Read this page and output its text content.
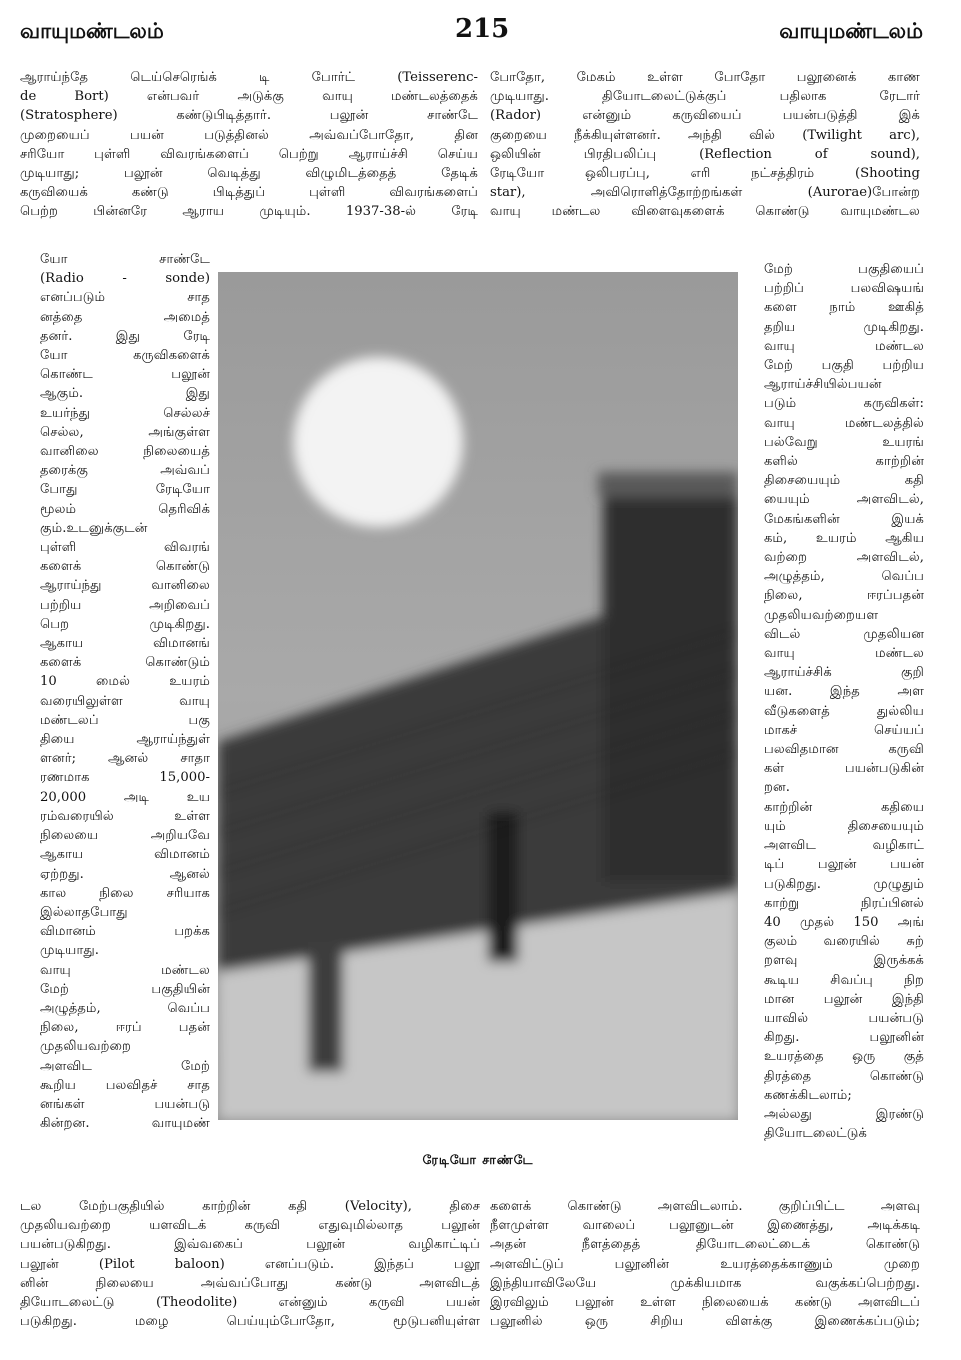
வாயுமண்டலம்	215	வாயுமண்டலம்

ஆராய்ந்தே டெய்செரெங்க் டி போர்ட் (Teisserenc-

de Bort) என்பவர் அடுக்கு வாயு மண்டலத்தைக்

(Stratosphere) கண்டுபிடித்தார். பலூன் சாண்டே

முறையைப் பயன் படுத்தினல் அவ்வப்போதோ, தின

சரியோ புள்ளி விவரங்களைப் பெற்று ஆராய்ச்சி செய்ய

முடியாது; பலூன் வெடித்து விழுமிடத்தைத் தேடிக்

கருவியைக் கண்டு பிடித்துப் புள்ளி விவரங்களைப்

பெற்ற பின்னரே ஆராய முடியும். 1937-38-ல் ரேடி

போதோ, மேகம் உள்ள போதோ பலூனைக் காண

முடியாது. தியோடலைட்டுக்குப் பதிலாக ரேடார்

(Rador) என்னும் கருவியைப் பயன்படுத்தி இக்

குறையை நீக்கியுள்ளனர். அந்தி வில் (Twilight arc),

ஒலியின் பிரதிபலிப்பு (Reflection of sound),

ரேடியோ ஒலிபரப்பு, எரி நட்சத்திரம் (Shooting

star), அவிரொளித்தோற்றங்கள் (Aurorae)போன்ற

வாயு மண்டல விளைவுகளைக் கொண்டு வாயுமண்டல

யோ சாண்டே

(Radio - sonde)

எனப்படும் சாத

னத்தை அமைத்

தனர். இது ரேடி

யோ கருவிகளைக்

கொண்ட பலூன்

ஆகும். இது

உயர்ந்து செல்லச்

செல்ல, அங்குள்ள

வானிலை நிலையைத்

தரைக்கு அவ்வப்

போது ரேடியோ

மூலம் தெரிவிக்

கும்.உடனுக்குடன்

புள்ளி விவரங்

களைக் கொண்டு

ஆராய்ந்து வானிலை

பற்றிய அறிவைப்

பெற முடிகிறது.

ஆகாய விமானங்

களைக் கொண்டும்

10 மைல் உயரம்

வரையிலுள்ள வாயு

மண்டலப் பகு

தியை ஆராய்ந்துள்

ளனர்; ஆனல் சாதா

ரணமாக 15,000-

20,000 அடி உய

ரம்வரையில் உள்ள

நிலையை அறியவே

ஆகாய விமானம்

ஏற்றது. ஆனல்

கால நிலை சரியாக

இல்லாதபோது

விமானம் பறக்க

முடியாது.

வாயு மண்டல

மேற் பகுதியின்

அழுத்தம், வெப்ப

நிலை, ஈரப் பதன்

முதலியவற்றை

அளவிட மேற்

கூறிய பலவிதச் சாத

னங்கள் பயன்படு

கின்றன. வாயுமண்

மேற் பகுதியைப்

பற்றிப் பலவிஷயங்

களை நாம் ஊகித்

தறிய முடிகிறது.

வாயு மண்டல

மேற் பகுதி பற்றிய

ஆராய்ச்சியில்பயன்

படும் கருவிகள்:

வாயு மண்டலத்தில்

பல்வேறு உயரங்

களில் காற்றின்

திசையையும் கதி

யையும் அளவிடல்,

மேகங்களின் இயக்

கம், உயரம் ஆகிய

வற்றை அளவிடல்,

அழுத்தம், வெப்ப

நிலை, ஈரப்பதன்

முதலியவற்றையள

விடல் முதலியன

வாயு மண்டல

ஆராய்ச்சிக் குறி

யன. இந்த அள

வீடுகளைத் துல்லிய

மாகச் செய்யப்

பலவிதமான கருவி

கள் பயன்படுகின்

றன.

காற்றின் கதியை

யும் திசையையும்

அளவிட வழிகாட்

டிப் பலூன் பயன்

படுகிறது. முழுதும்

காற்று நிரப்பினல்

40 முதல் 150 அங்

குலம் வரையில் சுற்

றளவு இருக்கக்

கூடிய சிவப்பு நிற

மான பலூன் இந்தி

யாவில் பயன்படு

கிறது. பலூனின்

உயரத்தை ஒரு குத்

திரத்தை கொண்டு

கணக்கிடலாம்;

அல்லது இரண்டு

தியோடலைட்டுக்

டல மேற்பகுதியில் காற்றின் கதி (Velocity), திசை

முதலியவற்றை யளவிடக் கருவி எதுவுமில்லாத பலூன்

பயன்படுகிறது. இவ்வகைப் பலூன் வழிகாட்டிப்

பலூன் (Pilot baloon) எனப்படும். இந்தப் பலூ

னின் நிலையை அவ்வப்போது கண்டு அளவிடத்

தியோடலைட்டு (Theodolite) என்னும் கருவி பயன்

படுகிறது. மழை பெய்யும்போதோ, மூடுபனியுள்ள

களைக் கொண்டு அளவிடலாம். குறிப்பிட்ட அளவு

நீளமுள்ள வாலைப் பலூனுடன் இணைத்து, அடிக்கடி

அதன் நீளத்தைத் தியோடலைட்டைக் கொண்டு

அளவிட்டுப் பலூனின் உயரத்தைக்காணும் முறை

இந்தியாவிலேயே முக்கியமாக வகுக்கப்பெற்றது.

இரவிலும் பலூன் உள்ள நிலையைக் கண்டு அளவிடப்

பலூனில் ஒரு சிறிய விளக்கு இணைக்கப்படும்;

ரேடியோ சாண்டே
